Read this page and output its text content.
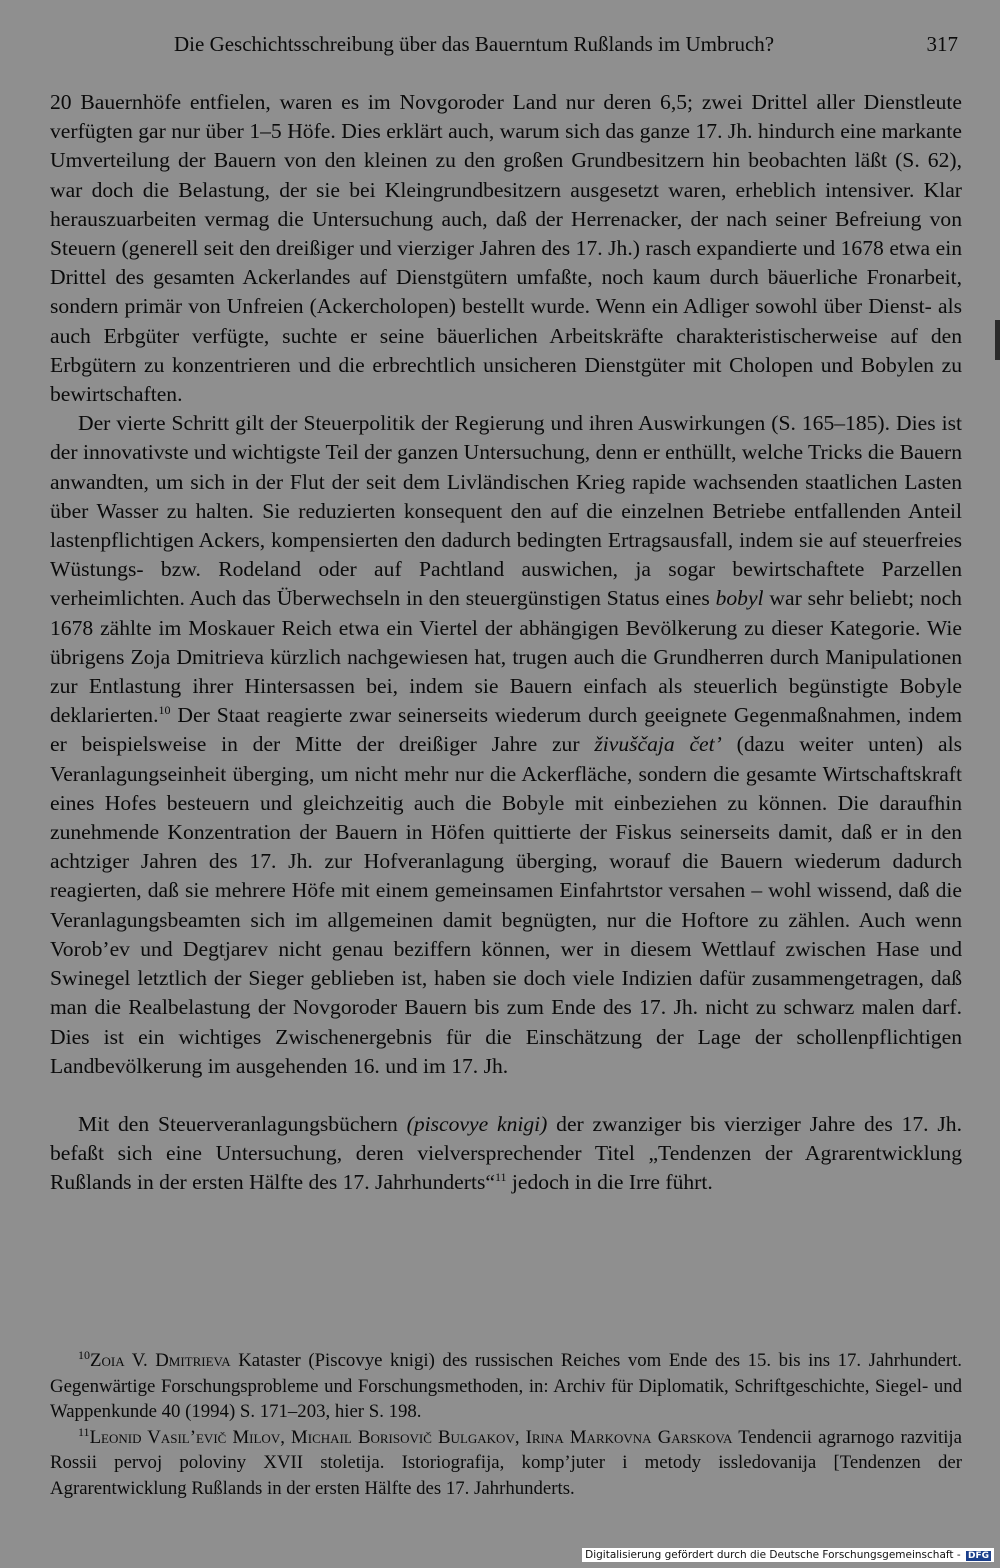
Die Geschichtsschreibung über das Bauerntum Rußlands im Umbruch?	317

20 Bauernhöfe entfielen, waren es im Novgoroder Land nur deren 6,5; zwei Drittel aller Dienstleute verfügten gar nur über 1–5 Höfe. Dies erklärt auch, warum sich das ganze 17. Jh. hindurch eine markante Umverteilung der Bauern von den kleinen zu den großen Grundbesitzern hin beobachten läßt (S. 62), war doch die Belastung, der sie bei Kleingrundbesitzern ausgesetzt waren, erheblich intensiver. Klar herauszuarbeiten vermag die Untersuchung auch, daß der Herrenacker, der nach seiner Befreiung von Steuern (generell seit den dreißiger und vierziger Jahren des 17. Jh.) rasch expandierte und 1678 etwa ein Drittel des gesamten Ackerlandes auf Dienstgütern umfaßte, noch kaum durch bäuerliche Fronarbeit, sondern primär von Unfreien (Ackercholopen) bestellt wurde. Wenn ein Adliger sowohl über Dienst- als auch Erbgüter verfügte, suchte er seine bäuerlichen Arbeitskräfte charakteristischerweise auf den Erbgütern zu konzentrieren und die erbrechtlich unsicheren Dienstgüter mit Cholopen und Bobylen zu bewirtschaften.

Der vierte Schritt gilt der Steuerpolitik der Regierung und ihren Auswirkungen (S. 165–185). Dies ist der innovativste und wichtigste Teil der ganzen Untersuchung, denn er enthüllt, welche Tricks die Bauern anwandten, um sich in der Flut der seit dem Livländischen Krieg rapide wachsenden staatlichen Lasten über Wasser zu halten. Sie reduzierten konsequent den auf die einzelnen Betriebe entfallenden Anteil lastenpflichtigen Ackers, kompensierten den dadurch bedingten Ertragsausfall, indem sie auf steuerfreies Wüstungs- bzw. Rodeland oder auf Pachtland auswichen, ja sogar bewirtschaftete Parzellen verheimlichten. Auch das Überwechseln in den steuergünstigen Status eines bobyl war sehr beliebt; noch 1678 zählte im Moskauer Reich etwa ein Viertel der abhängigen Bevölkerung zu dieser Kategorie. Wie übrigens Zoja Dmitrieva kürzlich nachgewiesen hat, trugen auch die Grundherren durch Manipulationen zur Entlastung ihrer Hintersassen bei, indem sie Bauern einfach als steuerlich begünstigte Bobyle deklarierten.$^{10}$ Der Staat reagierte zwar seinerseits wiederum durch geeignete Gegenmaßnahmen, indem er beispielsweise in der Mitte der dreißiger Jahre zur živuščaja čet’ (dazu weiter unten) als Veranlagungseinheit überging, um nicht mehr nur die Ackerfläche, sondern die gesamte Wirtschaftskraft eines Hofes besteuern und gleichzeitig auch die Bobyle mit einbeziehen zu können. Die daraufhin zunehmende Konzentration der Bauern in Höfen quittierte der Fiskus seinerseits damit, daß er in den achtziger Jahren des 17. Jh. zur Hofveranlagung überging, worauf die Bauern wiederum dadurch reagierten, daß sie mehrere Höfe mit einem gemeinsamen Einfahrtstor versahen – wohl wissend, daß die Veranlagungsbeamten sich im allgemeinen damit begnügten, nur die Hoftore zu zählen. Auch wenn Vorob’ev und Degtjarev nicht genau beziffern können, wer in diesem Wettlauf zwischen Hase und Swinegel letztlich der Sieger geblieben ist, haben sie doch viele Indizien dafür zusammengetragen, daß man die Realbelastung der Novgoroder Bauern bis zum Ende des 17. Jh. nicht zu schwarz malen darf. Dies ist ein wichtiges Zwischenergebnis für die Einschätzung der Lage der schollenpflichtigen Landbevölkerung im ausgehenden 16. und im 17. Jh.

Mit den Steuerveranlagungsbüchern (piscovye knigi) der zwanziger bis vierziger Jahre des 17. Jh. befaßt sich eine Untersuchung, deren vielversprechender Titel „Tendenzen der Agrarentwicklung Rußlands in der ersten Hälfte des 17. Jahrhunderts“$^{11}$ jedoch in die Irre führt.

$^{10}$Zoia V. Dmitrieva Kataster (Piscovye knigi) des russischen Reiches vom Ende des 15. bis ins 17. Jahrhundert. Gegenwärtige Forschungsprobleme und Forschungsmethoden, in: Archiv für Diplomatik, Schriftgeschichte, Siegel- und Wappenkunde 40 (1994) S. 171–203, hier S. 198.

$^{11}$Leonid Vasil’evič Milov, Michail Borisovič Bulgakov, Irina Markovna Garskova Tendencii agrarnogo razvitija Rossii pervoj poloviny XVII stoletija. Istoriografija, komp’juter i metody issledovanija [Tendenzen der Agrarentwicklung Rußlands in der ersten Hälfte des 17. Jahrhunderts.

Digitalisierung gefördert durch die Deutsche Forschungsgemeinschaft - DFG
